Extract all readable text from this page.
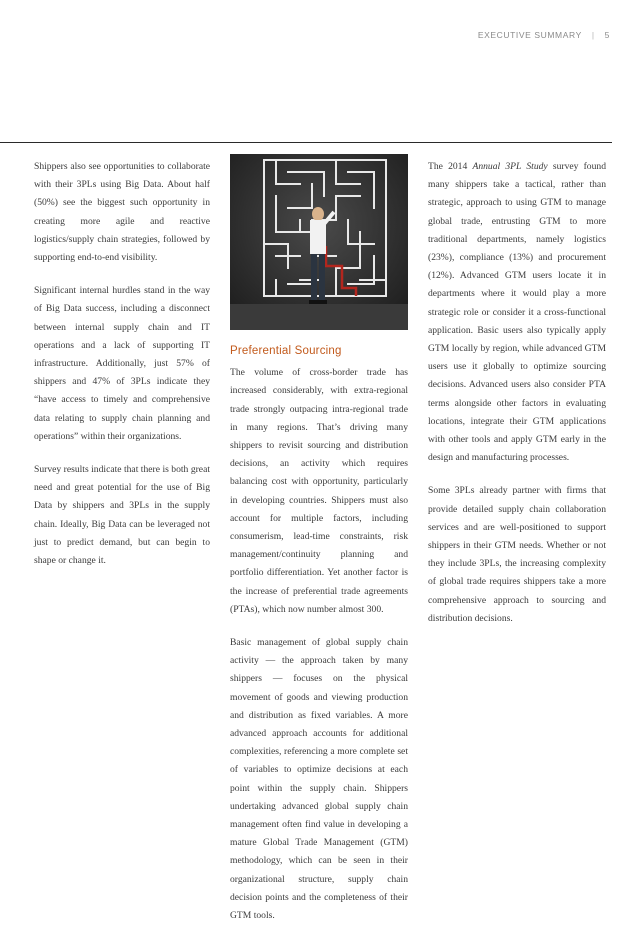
EXECUTIVE SUMMARY | 5

Shippers also see opportunities to collaborate with their 3PLs using Big Data. About half (50%) see the biggest such opportunity in creating more agile and reactive logistics/supply chain strategies, followed by supporting end-to-end visibility.

Significant internal hurdles stand in the way of Big Data success, including a disconnect between internal supply chain and IT operations and a lack of supporting IT infrastructure. Additionally, just 57% of shippers and 47% of 3PLs indicate they “have access to timely and comprehensive data relating to supply chain planning and operations” within their organizations.

Survey results indicate that there is both great need and great potential for the use of Big Data by shippers and 3PLs in the supply chain. Ideally, Big Data can be leveraged not just to predict demand, but can begin to shape or change it.

Preferential Sourcing

The volume of cross-border trade has increased considerably, with extra-regional trade strongly outpacing intra-regional trade in many regions. That’s driving many shippers to revisit sourcing and distribution decisions, an activity which requires balancing cost with opportunity, particularly in developing countries. Shippers must also account for multiple factors, including consumerism, lead-time constraints, risk management/continuity planning and portfolio differentiation. Yet another factor is the increase of preferential trade agreements (PTAs), which now number almost 300.

Basic management of global supply chain activity — the approach taken by many shippers — focuses on the physical movement of goods and viewing production and distribution as fixed variables. A more advanced approach accounts for additional complexities, referencing a more complete set of variables to optimize decisions at each point within the supply chain. Shippers undertaking advanced global supply chain management often find value in developing a mature Global Trade Management (GTM) methodology, which can be seen in their organizational structure, supply chain decision points and the completeness of their GTM tools.

The 2014 Annual 3PL Study survey found many shippers take a tactical, rather than strategic, approach to using GTM to manage global trade, entrusting GTM to more traditional departments, namely logistics (23%), compliance (13%) and procurement (12%). Advanced GTM users locate it in departments where it would play a more strategic role or consider it a cross-functional application. Basic users also typically apply GTM locally by region, while advanced GTM users use it globally to optimize sourcing decisions. Advanced users also consider PTA terms alongside other factors in evaluating locations, integrate their GTM applications with other tools and apply GTM early in the design and manufacturing processes.

Some 3PLs already partner with firms that provide detailed supply chain collaboration services and are well-positioned to support shippers in their GTM needs. Whether or not they include 3PLs, the increasing complexity of global trade requires shippers take a more comprehensive approach to sourcing and distribution decisions.
